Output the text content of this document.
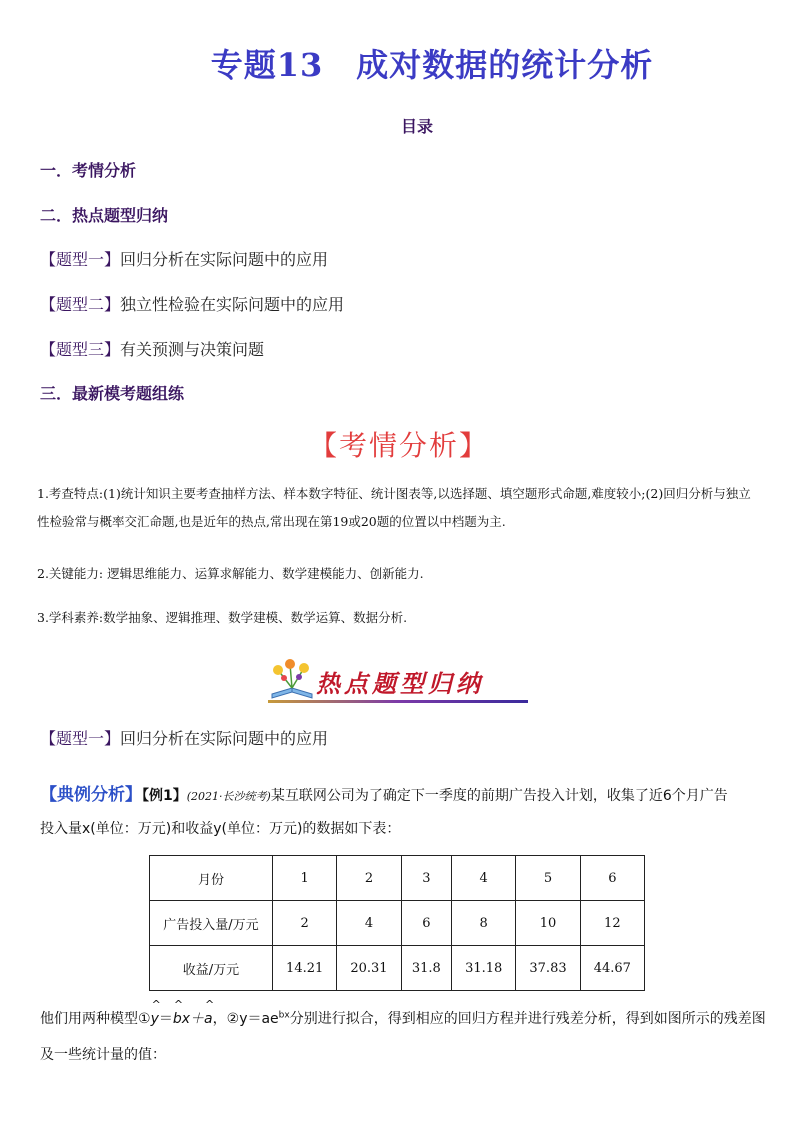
专题13　成对数据的统计分析
目录
一．考情分析
二．热点题型归纳
【题型一】回归分析在实际问题中的应用
【题型二】独立性检验在实际问题中的应用
【题型三】有关预测与决策问题
三．最新模考题组练
【考情分析】
1.考查特点:(1)统计知识主要考查抽样方法、样本数字特征、统计图表等,以选择题、填空题形式命题,难度较小;(2)回归分析与独立性检验常与概率交汇命题,也是近年的热点,常出现在第19或20题的位置以中档题为主.
2.关键能力: 逻辑思维能力、运算求解能力、数学建模能力、创新能力.
3.学科素养:数学抽象、逻辑推理、数学建模、数学运算、数据分析.
热点题型归纳
【题型一】回归分析在实际问题中的应用
【典例分析】【例1】(2021·长沙统考)某互联网公司为了确定下一季度的前期广告投入计划，收集了近6个月广告
投入量x(单位：万元)和收益y(单位：万元)的数据如下表：
月份	1	2	3	4	5	6
广告投入量/万元	2	4	6	8	10	12
收益/万元	14.21	20.31	31.8	31.18	37.83	44.67
他们用两种模型①^ y＝^ bx＋^ a，$②y=ae^{bx}$分别进行拟合，得到相应的回归方程并进行残差分析，得到如图所示的残差图
及一些统计量的值：
